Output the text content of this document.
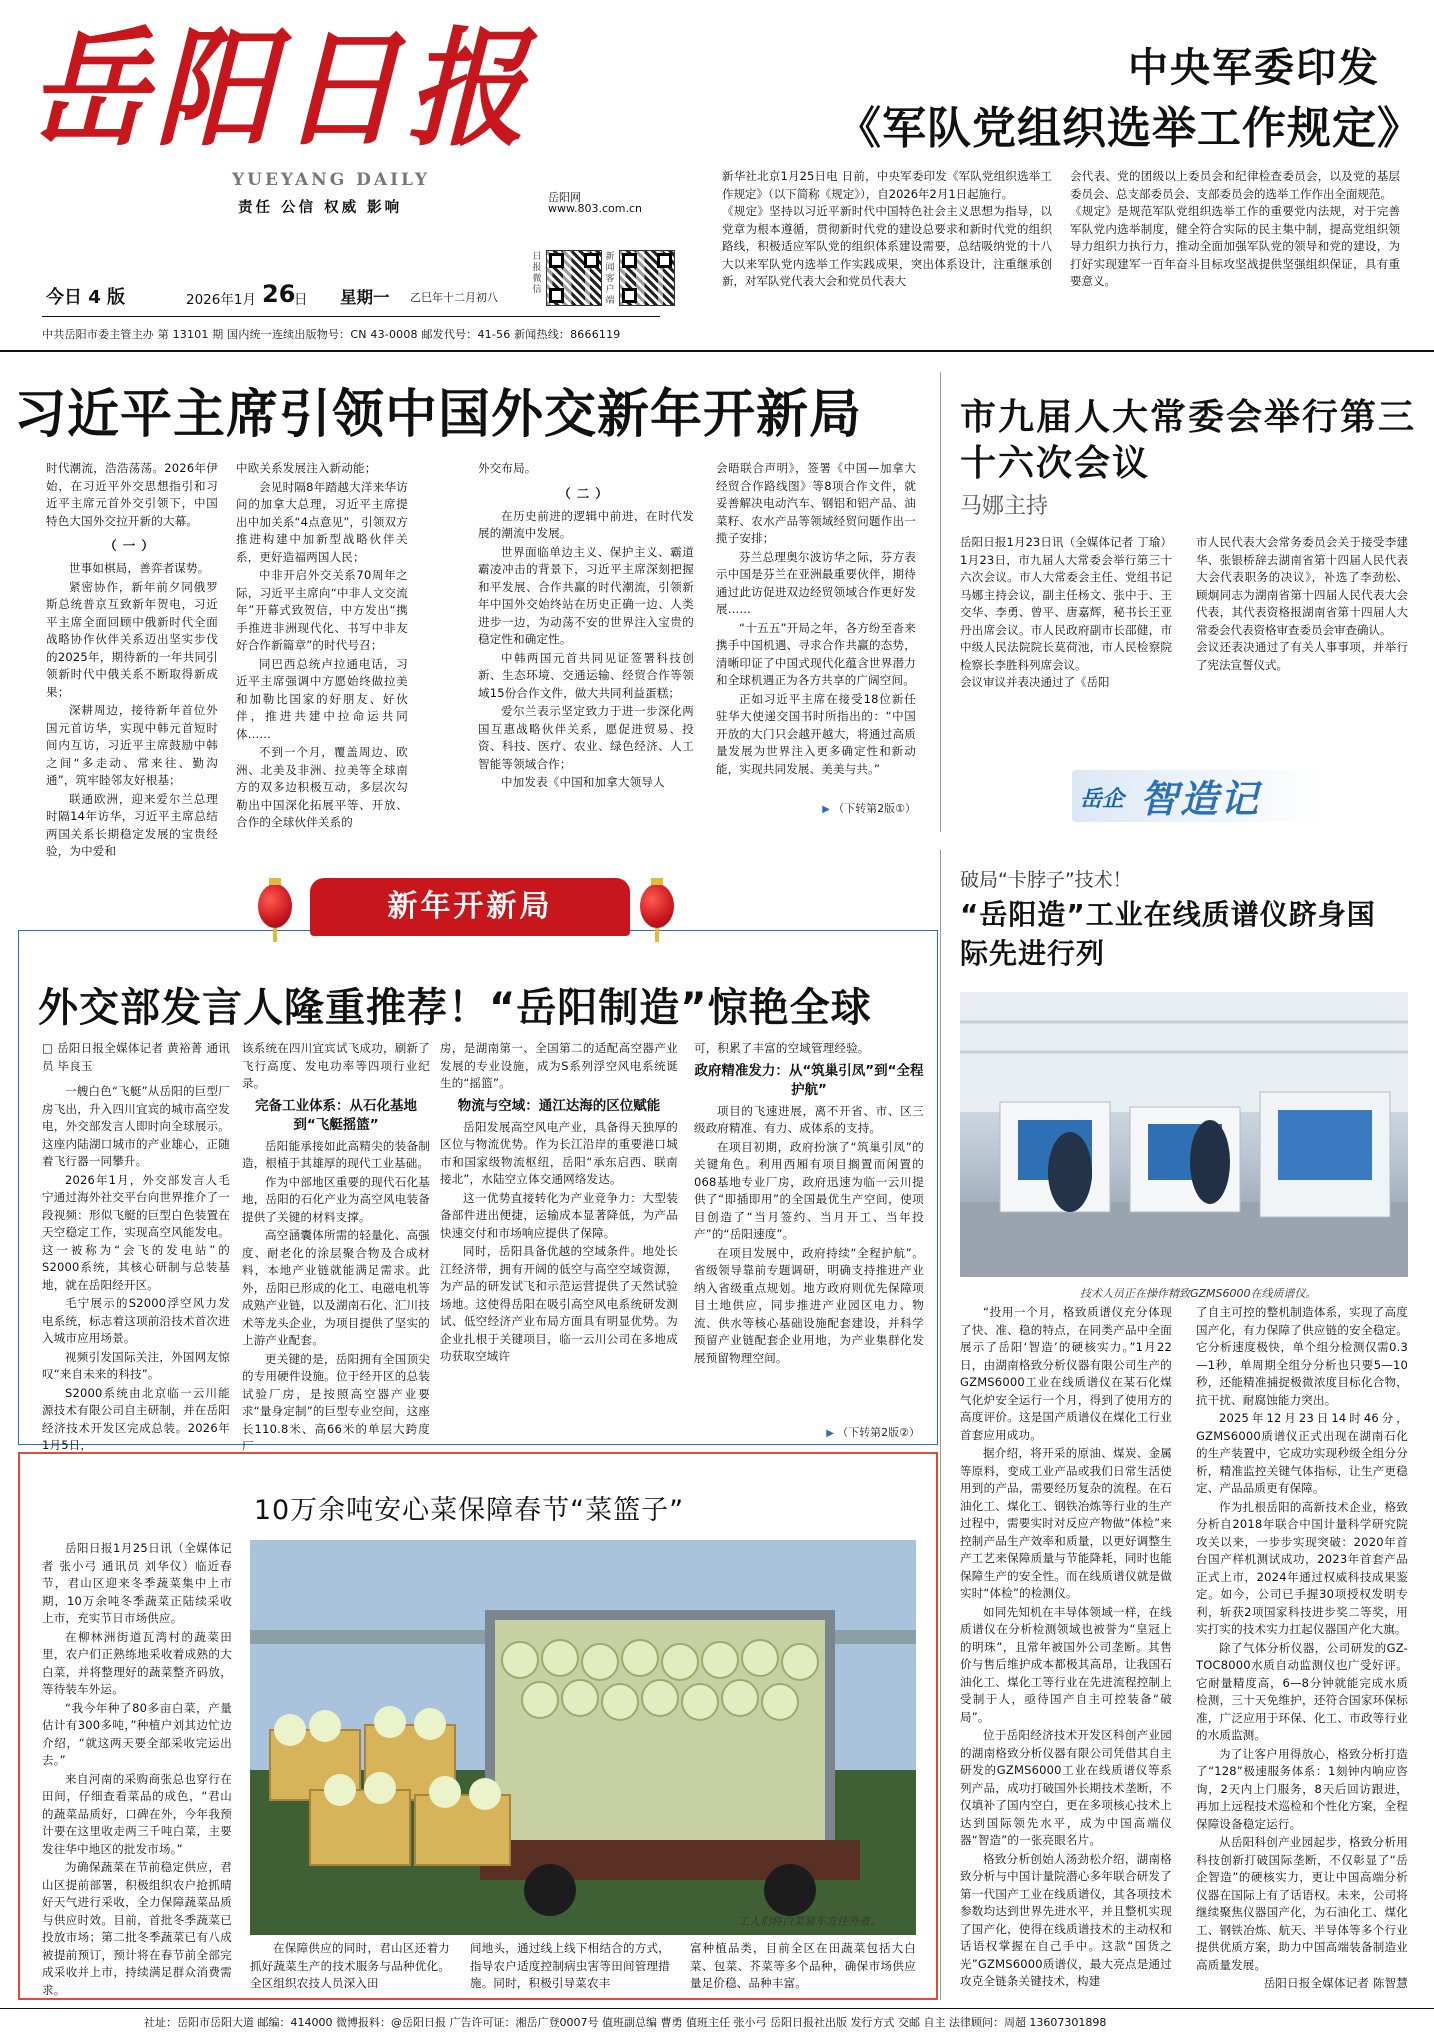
岳阳日报
YUEYANG DAILY
责任 公信 权威 影响
岳阳网
www.803.com.cn
日报微信
新闻客户端
今日 4 版	2026年1月 26
日 星期一 乙巳年十二月初八
中共岳阳市委主管主办 第 13101 期 国内统一连续出版物号：CN 43-0008 邮发代号：41-56 新闻热线：8666119
中央军委印发
《军队党组织选举工作规定》
新华社北京1月25日电 日前，中央军委印发《军队党组织选举工作规定》（以下简称《规定》），自2026年2月1日起施行。
《规定》坚持以习近平新时代中国特色社会主义思想为指导，以党章为根本遵循，贯彻新时代党的建设总要求和新时代党的组织路线，积极适应军队党的组织体系建设需要，总结吸纳党的十八大以来军队党内选举工作实践成果，突出体系设计，注重继承创新，对军队党代表大会和党员代表大
会代表、党的团级以上委员会和纪律检查委员会，以及党的基层委员会、总支部委员会、支部委员会的选举工作作出全面规范。
《规定》是规范军队党组织选举工作的重要党内法规，对于完善军队党内选举制度，健全符合实际的民主集中制，提高党组织领导力组织力执行力，推动全面加强军队党的领导和党的建设，为打好实现建军一百年奋斗目标攻坚战提供坚强组织保证，具有重要意义。
习近平主席引领中国外交新年开新局

时代潮流，浩浩荡荡。2026年伊始，在习近平外交思想指引和习近平主席元首外交引领下，中国特色大国外交拉开新的大幕。

（一）

世事如棋局，善弈者谋势。

紧密协作，新年前夕同俄罗斯总统普京互致新年贺电，习近平主席全面回顾中俄新时代全面战略协作伙伴关系迈出坚实步伐的2025年，期待新的一年共同引领新时代中俄关系不断取得新成果；

深耕周边，接待新年首位外国元首访华，实现中韩元首短时间内互访，习近平主席鼓励中韩之间“多走动、常来往、勤沟通”，筑牢睦邻友好根基；

联通欧洲，迎来爱尔兰总理时隔14年访华，习近平主席总结两国关系长期稳定发展的宝贵经验，为中爱和

中欧关系发展注入新动能；

会见时隔8年踏越大洋来华访问的加拿大总理，习近平主席提出中加关系“4点意见”，引领双方推进构建中加新型战略伙伴关系，更好造福两国人民；

中非开启外交关系70周年之际，习近平主席向“中非人文交流年”开幕式致贺信，中方发出“携手推进非洲现代化、书写中非友好合作新篇章”的时代号召；

同巴西总统卢拉通电话，习近平主席强调中方愿始终做拉美和加勒比国家的好朋友、好伙伴，推进共建中拉命运共同体……

不到一个月，覆盖周边、欧洲、北美及非洲、拉美等全球南方的双多边积极互动，多层次勾勒出中国深化拓展平等、开放、合作的全球伙伴关系的

外交布局。

（二）

在历史前进的逻辑中前进，在时代发展的潮流中发展。

世界面临单边主义、保护主义、霸道霸凌冲击的背景下，习近平主席深刻把握和平发展、合作共赢的时代潮流，引领新年中国外交始终站在历史正确一边、人类进步一边，为动荡不安的世界注入宝贵的稳定性和确定性。

中韩两国元首共同见证签署科技创新、生态环境、交通运输、经贸合作等领域15份合作文件，做大共同利益蛋糕；

爱尔兰表示坚定致力于进一步深化两国互惠战略伙伴关系，愿促进贸易、投资、科技、医疗、农业、绿色经济、人工智能等领域合作；

中加发表《中国和加拿大领导人

会晤联合声明》，签署《中国—加拿大经贸合作路线图》等8项合作文件，就妥善解决电动汽车、钢铝和铝产品、油菜籽、农水产品等领域经贸问题作出一揽子安排；

芬兰总理奥尔波访华之际，芬方表示中国是芬兰在亚洲最重要伙伴，期待通过此访促进双边经贸领域合作更好发展……

“十五五”开局之年，各方纷至沓来携手中国机遇、寻求合作共赢的态势，清晰印证了中国式现代化蕴含世界潜力和全球机遇正为各方共享的广阔空间。

正如习近平主席在接受18位新任驻华大使递交国书时所指出的：“中国开放的大门只会越开越大，将通过高质量发展为世界注入更多确定性和新动能，实现共同发展、美美与共。”

▶ （下转第2版①）
市九届人大常委会举行第三十六次会议
马娜主持
岳阳日报1月23日讯（全媒体记者 丁瑜）1月23日，市九届人大常委会举行第三十六次会议。市人大常委会主任、党组书记马娜主持会议，副主任杨文、张中于、王交华、李勇、曾平、唐嘉辉，秘书长王亚丹出席会议。市人民政府副市长邵健，市中级人民法院院长莫荷池，市人民检察院检察长李胜科列席会议。
会议审议并表决通过了《岳阳
市人民代表大会常务委员会关于接受李建华、张银桥辞去湖南省第十四届人民代表大会代表职务的决议》，补选了李劲松、顾炯同志为湖南省第十四届人民代表大会代表，其代表资格报湖南省第十四届人大常委会代表资格审查委员会审查确认。
会议还表决通过了有关人事事项，并举行了宪法宣誓仪式。
新年开新局
外交部发言人隆重推荐！“岳阳制造”惊艳全球

□ 岳阳日报全媒体记者 黄裕菁 通讯员 毕良玉

一艘白色“飞艇”从岳阳的巨型厂房飞出，升入四川宜宾的城市高空发电，外交部发言人即时向全球展示。这座内陆湖口城市的产业雄心，正随着飞行器一同攀升。

2026年1月，外交部发言人毛宁通过海外社交平台向世界推介了一段视频：形似飞艇的巨型白色装置在天空稳定工作，实现高空风能发电。这一被称为“会飞的发电站”的S2000系统，其核心研制与总装基地，就在岳阳经开区。

毛宁展示的S2000浮空风力发电系统，标志着这项前沿技术首次进入城市应用场景。

视频引发国际关注，外国网友惊叹“来自未来的科技”。

S2000系统由北京临一云川能源技术有限公司自主研制，并在岳阳经济技术开发区完成总装。2026年1月5日，

该系统在四川宜宾试飞成功，刷新了飞行高度、发电功率等四项行业纪录。

完备工业体系：从石化基地到“飞艇摇篮”

岳阳能承接如此高精尖的装备制造，根植于其雄厚的现代工业基础。

作为中部地区重要的现代石化基地，岳阳的石化产业为高空风电装备提供了关键的材料支撑。

高空涵囊体所需的轻量化、高强度、耐老化的涂层聚合物及合成材料，本地产业链就能满足需求。此外，岳阳已形成的化工、电磁电机等成熟产业链，以及湖南石化、汇川技术等龙头企业，为项目提供了坚实的上游产业配套。

更关键的是，岳阳拥有全国顶尖的专用硬件设施。位于经开区的总装试验厂房，是按照高空器产业要求“量身定制”的巨型专业空间，这座长110.8米、高66米的单层大跨度厂

房，是湖南第一、全国第二的适配高空器产业发展的专业设施，成为S系列浮空风电系统诞生的“摇篮”。

物流与空域：通江达海的区位赋能

岳阳发展高空风电产业，具备得天独厚的区位与物流优势。作为长江沿岸的重要港口城市和国家级物流枢纽，岳阳“承东启西、联南接北”，水陆空立体交通网络发达。

这一优势直接转化为产业竞争力：大型装备部件进出便捷，运输成本显著降低，为产品快速交付和市场响应提供了保障。

同时，岳阳具备优越的空域条件。地处长江经济带，拥有开阔的低空与高空空域资源，为产品的研发试飞和示范运营提供了天然试验场地。这使得岳阳在吸引高空风电系统研发测试、低空经济产业布局方面具有明显优势。为企业扎根于关键项目，临一云川公司在多地成功获取空域许

可，积累了丰富的空域管理经验。

政府精准发力：从“筑巢引凤”到“全程护航”

项目的飞速进展，离不开省、市、区三级政府精准、有力、成体系的支持。

在项目初期，政府扮演了“筑巢引凤”的关键角色。利用西厢有项目搁置而闲置的068基地专业厂房，政府迅速为临一云川提供了“即插即用”的全国最优生产空间，使项目创造了“当月签约、当月开工、当年投产”的“岳阳速度”。

在项目发展中，政府持续“全程护航”。省级领导靠前专题调研，明确支持推进产业纳入省级重点规划。地方政府则优先保障项目土地供应，同步推进产业园区电力、物流、供水等核心基础设施配套建设，并科学预留产业链配套企业用地，为产业集群化发展预留物理空间。

▶ （下转第2版②）
10万余吨安心菜保障春节“菜篮子”

岳阳日报1月25日讯（全媒体记者 张小弓 通讯员 刘华仪）临近春节，君山区迎来冬季蔬菜集中上市期，10万余吨冬季蔬菜正陆续采收上市，充实节日市场供应。

在柳林洲街道瓦湾村的蔬菜田里，农户们正熟练地采收着成熟的大白菜，并将整理好的蔬菜整齐码放，等待装车外运。

“我今年种了80多亩白菜，产量估计有300多吨，”种植户刘其边忙边介绍，“就这两天要全部采收完运出去。”

来自河南的采购商张总也穿行在田间，仔细查看菜品的成色，“君山的蔬菜品质好，口碑在外，今年我预计要在这里收走两三千吨白菜，主要发往华中地区的批发市场。”

为确保蔬菜在节前稳定供应，君山区提前部署，积极组织农户抢抓晴好天气进行采收，全力保障蔬菜品质与供应时效。目前，首批冬季蔬菜已投放市场；第二批冬季蔬菜已有八成被提前预订，预计将在春节前全部完成采收并上市，持续满足群众消费需求。

工人们将白菜装车发往外省。

在保障供应的同时，君山区还着力抓好蔬菜生产的技术服务与品种优化。全区组织农技人员深入田

间地头，通过线上线下相结合的方式，指导农户适度控制病虫害等田间管理措施。同时，积极引导菜农丰

富种植品类，目前全区在田蔬菜包括大白菜、包菜、芥菜等多个品种，确保市场供应量足价稳、品种丰富。

岳企 智造记
破局“卡脖子”技术！
“岳阳造”工业在线质谱仪跻身国际先进行列
技术人员正在操作精致GZMS6000在线质谱仪。

“投用一个月，格致质谱仪充分体现了快、准、稳的特点，在同类产品中全面展示了岳阳‘智造’的硬核实力。”1月22日，由湖南格致分析仪器有限公司生产的GZMS6000工业在线质谱仪在某石化煤气化炉安全运行一个月，得到了使用方的高度评价。这是国产质谱仪在煤化工行业首套应用成功。

据介绍，将开采的原油、煤炭、金属等原料，变成工业产品或我们日常生活使用到的产品，需要经历复杂的流程。在石油化工、煤化工、钢铁冶炼等行业的生产过程中，需要实时对反应产物做“体检”来控制产品生产效率和质量，以更好调整生产工艺来保障质量与节能降耗，同时也能保障生产的安全性。而在线质谱仪就是做实时“体检”的检测仪。

如同先知机在丰导体领域一样，在线质谱仪在分析检测领域也被誉为“皇冠上的明珠”，且常年被国外公司垄断。其售价与售后维护成本都极其高昂，让我国石油化工、煤化工等行业在先进流程控制上受制于人，亟待国产自主可控装备“破局”。

位于岳阳经济技术开发区科创产业园的湖南格致分析仪器有限公司凭借其自主研发的GZMS6000工业在线质谱仪等系列产品，成功打破国外长期技术垄断，不仅填补了国内空白，更在多项核心技术上达到国际领先水平，成为中国高端仪器“智造”的一张亮眼名片。

格致分析创始人汤劲松介绍，湖南格致分析与中国计量院潜心多年联合研发了第一代国产工业在线质谱仪，其各项技术参数均达到世界先进水平，并且整机实现了国产化，使得在线质谱技术的主动权和话语权掌握在自己手中。这款“国货之光”GZMS6000质谱仪，最大亮点是通过攻克全链条关键技术，构建

了自主可控的整机制造体系，实现了高度国产化，有力保障了供应链的安全稳定。它分析速度极快，单个组分检测仅需0.3—1秒，单周期全组分分析也只要5—10秒，还能精准捕捉极微浓度目标化合物，抗干扰、耐腐蚀能力突出。

2025年12月23日14时46分，GZMS6000质谱仪正式出现在湖南石化的生产装置中，它成功实现秒级全组分分析，精准监控关键气体指标，让生产更稳定、产品品质更有保障。

作为扎根岳阳的高新技术企业，格致分析自2018年联合中国计量科学研究院攻关以来，一步步实现突破：2020年首台国产样机测试成功，2023年首套产品正式上市，2024年通过权威科技成果鉴定。如今，公司已手握30项授权发明专利，斩获2项国家科技进步奖二等奖，用实打实的技术实力扛起仪器国产化大旗。

除了气体分析仪器，公司研发的GZ-TOC8000水质自动监测仪也广受好评。它耐量精度高，6—8分钟就能完成水质检测，三十天免维护，还符合国家环保标准，广泛应用于环保、化工、市政等行业的水质监测。

为了让客户用得放心，格致分析打造了“128”极速服务体系：1刻钟内响应咨询，2天内上门服务，8天后回访跟进，再加上远程技术巡检和个性化方案，全程保障设备稳定运行。

从岳阳科创产业园起步，格致分析用科技创新打破国际垄断，不仅彰显了“岳企智造”的硬核实力，更让中国高端分析仪器在国际上有了话语权。未来，公司将继续聚焦仪器国产化，为石油化工、煤化工、钢铁冶炼、航天、半导体等多个行业提供优质方案，助力中国高端装备制造业高质量发展。

岳阳日报全媒体记者 陈智慧

社址：岳阳市岳阳大道 邮编：414000 微博报料：@岳阳日报 广告许可证：湘岳广登0007号 值班副总编 曹勇 值班主任 张小弓 岳阳日报社出版 发行方式 交邮 自主 法律顾问：周超 13607301898
